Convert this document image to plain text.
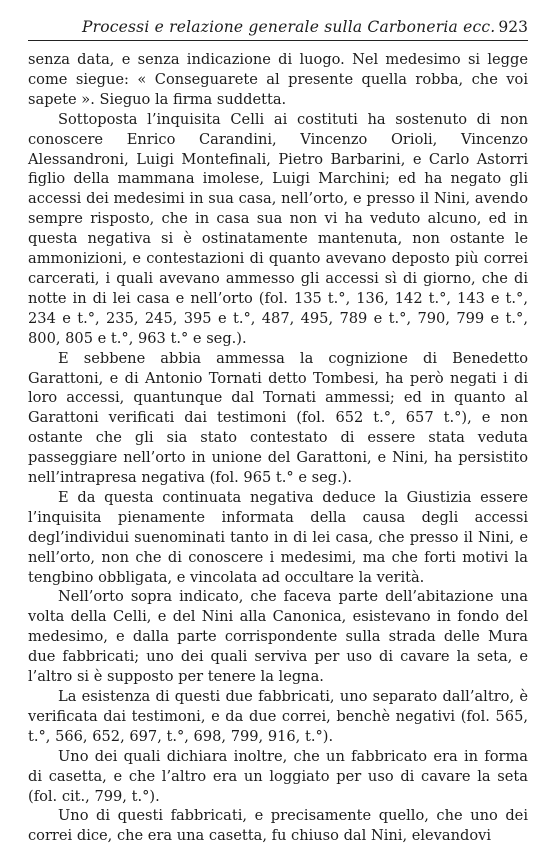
Processi e relazione generale sulla Carboneria ecc. 923

senza data, e senza indicazione di luogo. Nel medesimo si legge come siegue: « Conseguarete al presente quella robba, che voi sapete ». Sieguo la firma suddetta.

Sottoposta l’inquisita Celli ai costituti ha sostenuto di non conoscere Enrico Carandini, Vincenzo Orioli, Vincenzo Alessandroni, Luigi Montefinali, Pietro Barbarini, e Carlo Astorri figlio della mammana imolese, Luigi Marchini; ed ha negato gli accessi dei medesimi in sua casa, nell’orto, e presso il Nini, avendo sempre risposto, che in casa sua non vi ha veduto alcuno, ed in questa negativa si è ostinatamente mantenuta, non ostante le ammonizioni, e contestazioni di quanto avevano deposto più correi carcerati, i quali avevano ammesso gli accessi sì di giorno, che di notte in di lei casa e nell’orto (fol. 135 t.°, 136, 142 t.°, 143 e t.°, 234 e t.°, 235, 245, 395 e t.°, 487, 495, 789 e t.°, 790, 799 e t.°, 800, 805 e t.°, 963 t.° e seg.).

E sebbene abbia ammessa la cognizione di Benedetto Garattoni, e di Antonio Tornati detto Tombesi, ha però negati i di loro accessi, quantunque dal Tornati ammessi; ed in quanto al Garattoni verificati dai testimoni (fol. 652 t.°, 657 t.°), e non ostante che gli sia stato contestato di essere stata veduta passeggiare nell’orto in unione del Garattoni, e Nini, ha persistito nell’intrapresa negativa (fol. 965 t.° e seg.).

E da questa continuata negativa deduce la Giustizia essere l’inquisita pienamente informata della causa degli accessi degl’individui suenominati tanto in di lei casa, che presso il Nini, e nell’orto, non che di conoscere i medesimi, ma che forti motivi la tengbino obbligata, e vincolata ad occultare la verità.

Nell’orto sopra indicato, che faceva parte dell’abitazione una volta della Celli, e del Nini alla Canonica, esistevano in fondo del medesimo, e dalla parte corrispondente sulla strada delle Mura due fabbricati; uno dei quali serviva per uso di cavare la seta, e l’altro si è supposto per tenere la legna.

La esistenza di questi due fabbricati, uno separato dall’altro, è verificata dai testimoni, e da due correi, benchè negativi (fol. 565, t.°, 566, 652, 697, t.°, 698, 799, 916, t.°).

Uno dei quali dichiara inoltre, che un fabbricato era in forma di casetta, e che l’altro era un loggiato per uso di cavare la seta (fol. cit., 799, t.°).

Uno di questi fabbricati, e precisamente quello, che uno dei correi dice, che era una casetta, fu chiuso dal Nini, elevandovi
